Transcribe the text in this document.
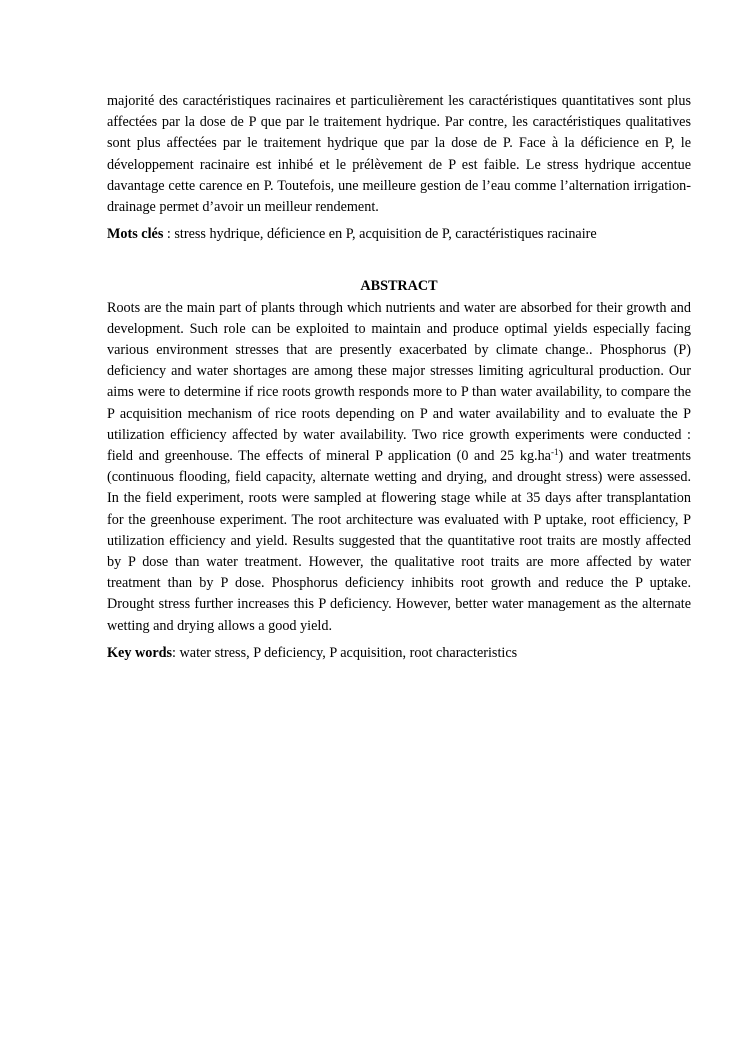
majorité des caractéristiques racinaires et particulièrement les caractéristiques quantitatives sont plus affectées par la dose de P que par le traitement hydrique. Par contre, les caractéristiques qualitatives sont plus affectées par le traitement hydrique que par la dose de P. Face à la déficience en P, le développement racinaire est inhibé et le prélèvement de P est faible. Le stress hydrique accentue davantage cette carence en P. Toutefois, une meilleure gestion de l’eau comme l’alternation irrigation-drainage permet d’avoir un meilleur rendement.

Mots clés : stress hydrique, déficience en P, acquisition de P, caractéristiques racinaire

ABSTRACT

Roots are the main part of plants through which nutrients and water are absorbed for their growth and development. Such role can be exploited to maintain and produce optimal yields especially facing various environment stresses that are presently exacerbated by climate change.. Phosphorus (P) deficiency and water shortages are among these major stresses limiting agricultural production. Our aims were to determine if rice roots growth responds more to P than water availability, to compare the P acquisition mechanism of rice roots depending on P and water availability and to evaluate the P utilization efficiency affected by water availability. Two rice growth experiments were conducted : field and greenhouse. The effects of mineral P application (0 and 25 $kg.ha^{-1}$) and water treatments (continuous flooding, field capacity, alternate wetting and drying, and drought stress) were assessed. In the field experiment, roots were sampled at flowering stage while at 35 days after transplantation for the greenhouse experiment. The root architecture was evaluated with P uptake, root efficiency, P utilization efficiency and yield. Results suggested that the quantitative root traits are mostly affected by P dose than water treatment. However, the qualitative root traits are more affected by water treatment than by P dose. Phosphorus deficiency inhibits root growth and reduce the P uptake. Drought stress further increases this P deficiency. However, better water management as the alternate wetting and drying allows a good yield.

Key words: water stress, P deficiency, P acquisition, root characteristics
